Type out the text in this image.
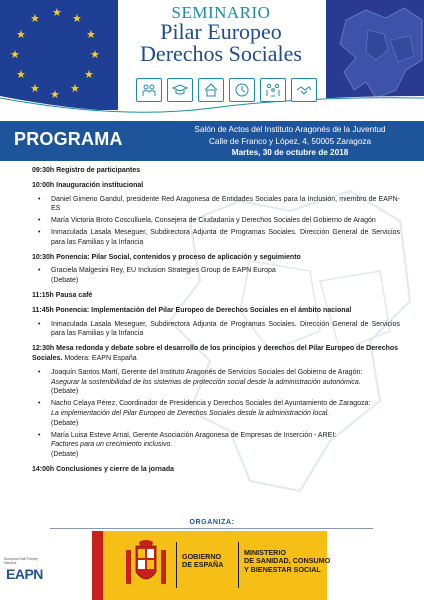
★ ★
★
★
★
★
★
★
★
★
★
★	SEMINARIO
Pilar Europeo
Derechos Sociales
PROGRAMA	Salón de Actos del Instituto Aragonés de la Juventud
Calle de Franco y López, 4, 50005 Zaragoza
Martes, 30 de octubre de 2018
09:30h Registro de participantes
10:00h Inauguración institucional
• Daniel Gimeno Gandul, presidente Red Aragonesa de Entidades Sociales para la Inclusión, miembro de EAPN-ES
• María Victoria Broto Cosculluela, Consejera de Ciudadanía y Derechos Sociales del Gobierno de Aragón
• Inmaculada Lasala Meseguer, Subdirectora Adjunta de Programas Sociales. Dirección General de Servicios para las Familias y la Infancia
10:30h Ponencia: Pilar Social, contenidos y proceso de aplicación y seguimiento
• Graciela Malgesini Rey, EU Inclusion Strategies Group de EAPN Europa
(Debate)
11:15h Pausa café
11:45h Ponencia: Implementación del Pilar Europeo de Derechos Sociales en el ámbito nacional
• Inmaculada Lasala Meseguer, Subdirectora Adjunta de Programas Sociales. Dirección General de Servicios para las Familias y la Infancia
12:30h Mesa redonda y debate sobre el desarrollo de los principios y derechos del Pilar Europeo de Derechos Sociales. Modera: EAPN España
• Joaquín Santos Martí, Gerente del Instituto Aragonés de Servicios Sociales del Gobierno de Aragón:
Asegurar la sostenibilidad de los sistemas de protección social desde la administración autonómica.
(Debate)
• Nacho Celaya Pérez, Coordinador de Presidencia y Derechos Sociales del Ayuntamiento de Zaragoza:
La implementación del Pilar Europeo de Derechos Sociales desde la administración local.
(Debate)
• María Luisa Esteve Arnal, Gerente Asociación Aragonesa de Empresas de Inserción - AREI:
Factores para un crecimiento inclusivo.
(Debate)
14:00h Conclusiones y cierre de la jornada
ORGANIZA:
European Anti Poverty Network
EAPN
GOBIERNO
DE ESPAÑA
MINISTERIO
DE SANIDAD, CONSUMO
Y BIENESTAR SOCIAL
